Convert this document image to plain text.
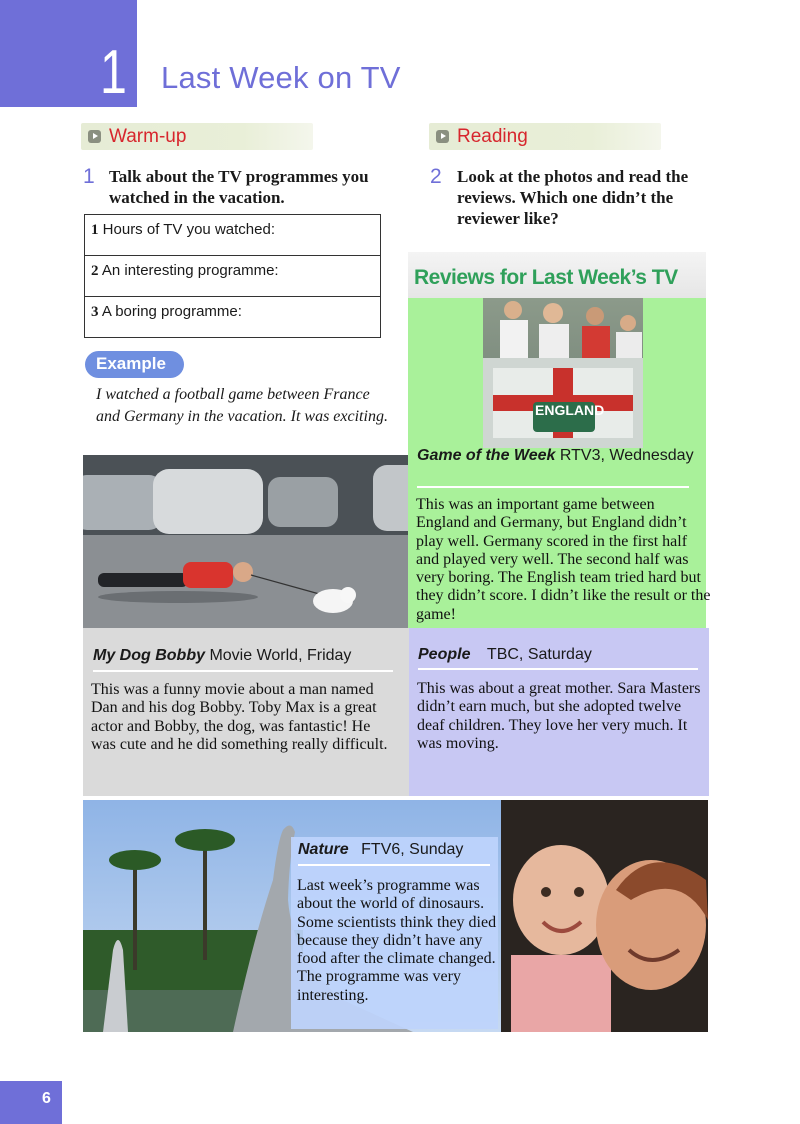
1 Last Week on TV
Warm-up	Reading
1 Talk about the TV programmes you watched in the vacation.
2 Look at the photos and read the reviews. Which one didn’t the reviewer like?
1 Hours of TV you watched:
2 An interesting programme:
3 A boring programme:
Example
I watched a football game between France and Germany in the vacation. It was exciting.
Reviews for Last Week’s TV
ENGLAND
Game of the Week RTV3, Wednesday
This was an important game between England and Germany, but England didn’t play well. Germany scored in the first half and played very well. The second half was very boring. The English team tried hard but they didn’t score. I didn’t like the result or the game!
My Dog Bobby Movie World, Friday
This was a funny movie about a man named Dan and his dog Bobby. Toby Max is a great actor and Bobby, the dog, was fantastic! He was cute and he did something really difficult.
People TBC, Saturday
This was about a great mother. Sara Masters didn’t earn much, but she adopted twelve deaf children. They love her very much. It was moving.
Nature FTV6, Sunday
Last week’s programme was about the world of dinosaurs. Some scientists think they died because they didn’t have any food after the climate changed. The programme was very interesting.
6
